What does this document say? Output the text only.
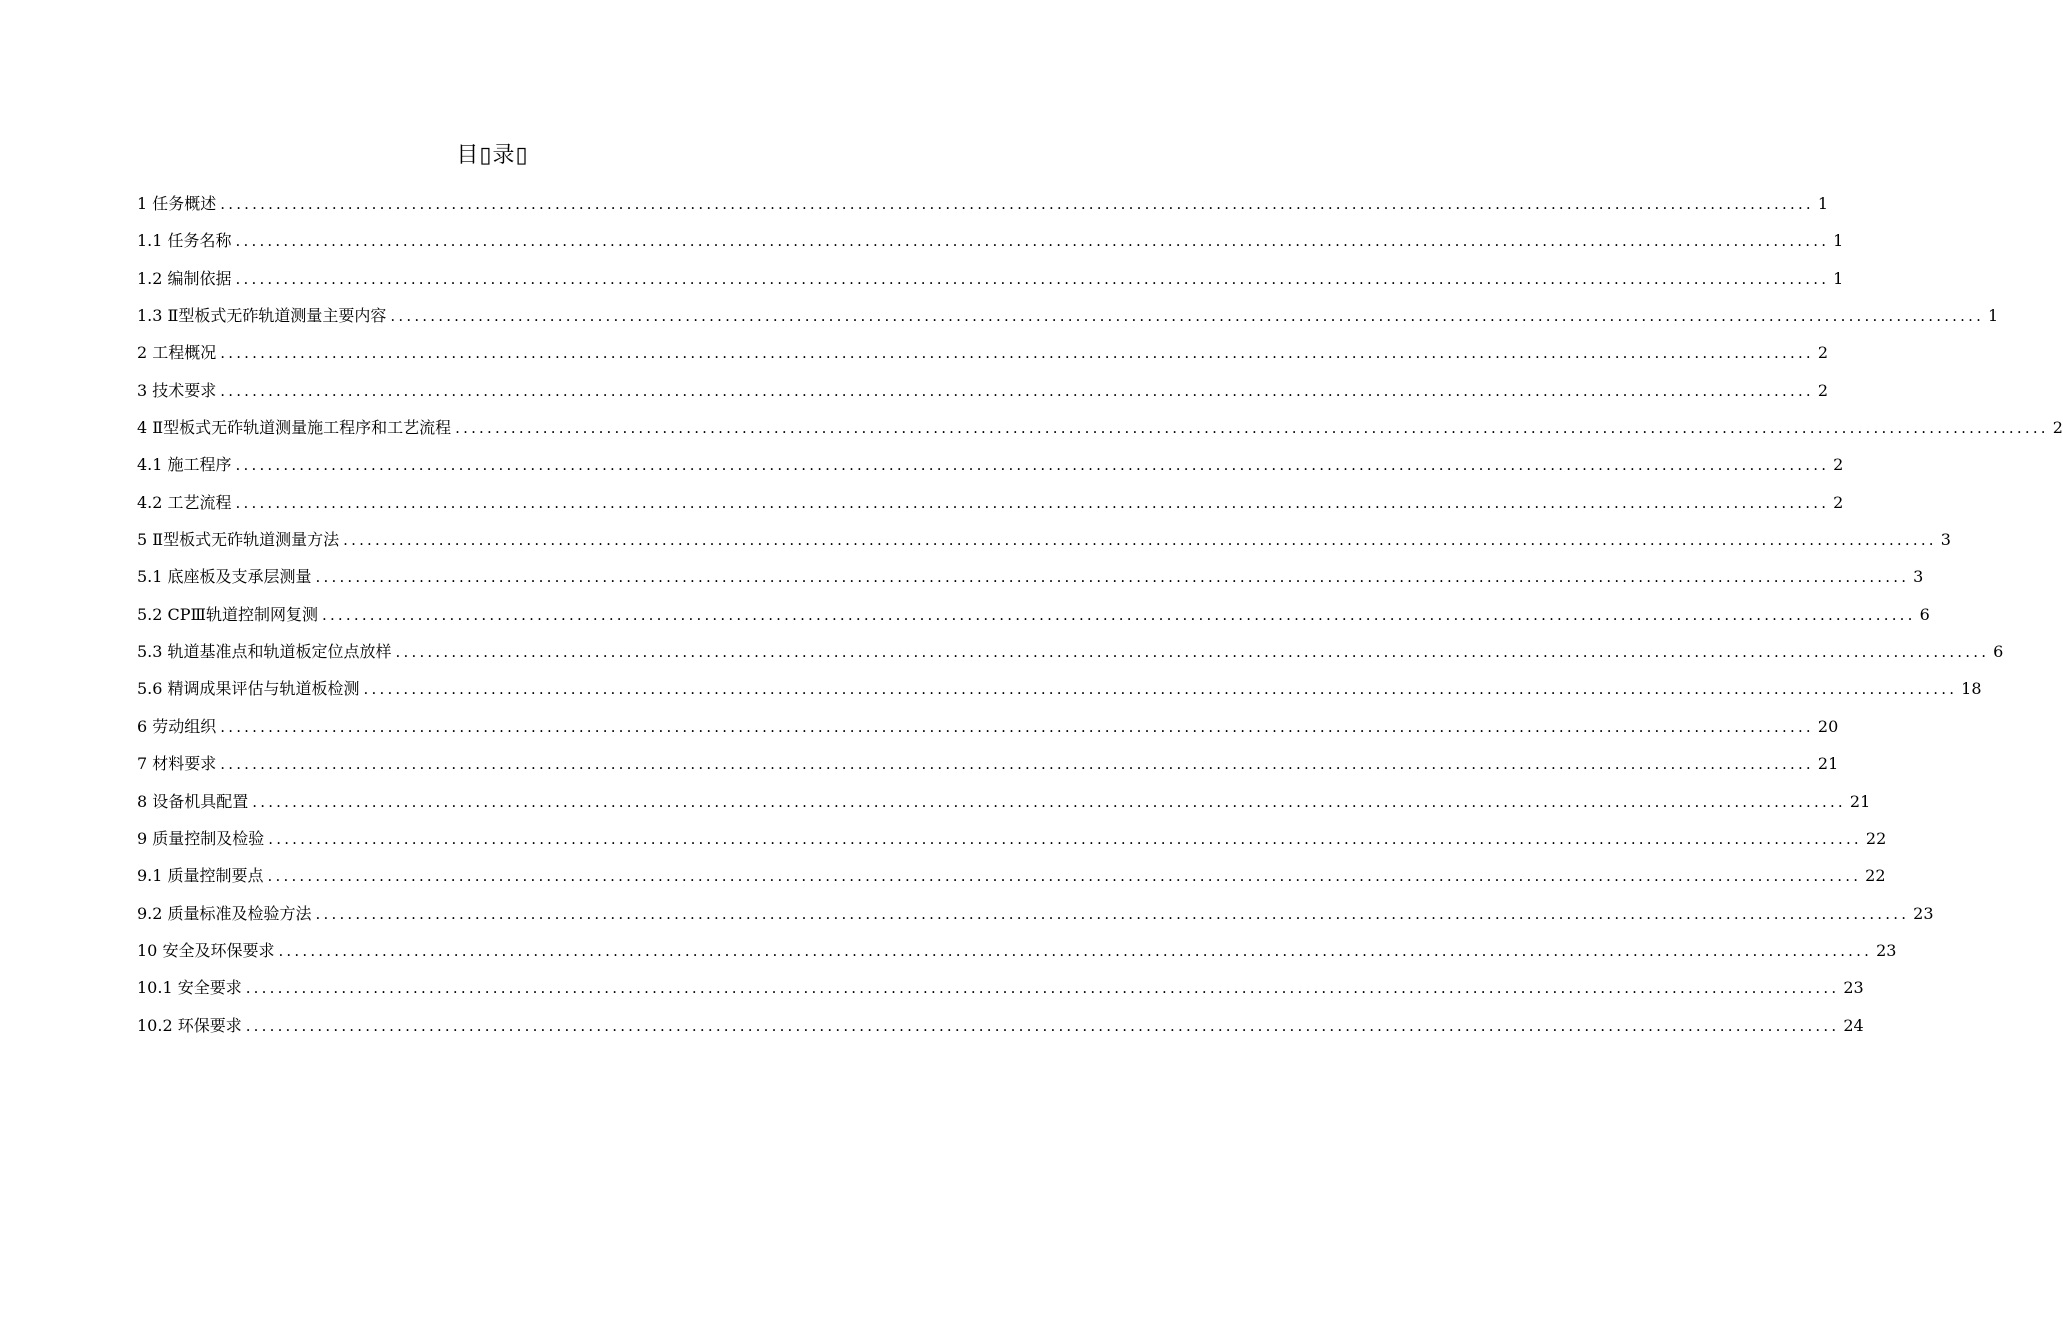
目▯录▯
1 任务概述 ........................................................................................................................................................................................................ 1
1.1 任务名称 ........................................................................................................................................................................................................ 1
1.2 编制依据 ........................................................................................................................................................................................................ 1
1.3 Ⅱ型板式无砟轨道测量主要内容 ........................................................................................................................................................................................................ 1
2 工程概况 ........................................................................................................................................................................................................ 2
3 技术要求 ........................................................................................................................................................................................................ 2
4 Ⅱ型板式无砟轨道测量施工程序和工艺流程 ........................................................................................................................................................................................................ 2
4.1 施工程序 ........................................................................................................................................................................................................ 2
4.2 工艺流程 ........................................................................................................................................................................................................ 2
5 Ⅱ型板式无砟轨道测量方法 ........................................................................................................................................................................................................ 3
5.1 底座板及支承层测量 ........................................................................................................................................................................................................ 3
5.2 CPⅢ轨道控制网复测 ........................................................................................................................................................................................................ 6
5.3 轨道基准点和轨道板定位点放样 ........................................................................................................................................................................................................ 6
5.6 精调成果评估与轨道板检测 ........................................................................................................................................................................................................ 18
6 劳动组织 ........................................................................................................................................................................................................ 20
7 材料要求 ........................................................................................................................................................................................................ 21
8 设备机具配置 ........................................................................................................................................................................................................ 21
9 质量控制及检验 ........................................................................................................................................................................................................ 22
9.1 质量控制要点 ........................................................................................................................................................................................................ 22
9.2 质量标准及检验方法 ........................................................................................................................................................................................................ 23
10 安全及环保要求 ........................................................................................................................................................................................................ 23
10.1 安全要求 ........................................................................................................................................................................................................ 23
10.2 环保要求 ........................................................................................................................................................................................................ 24
